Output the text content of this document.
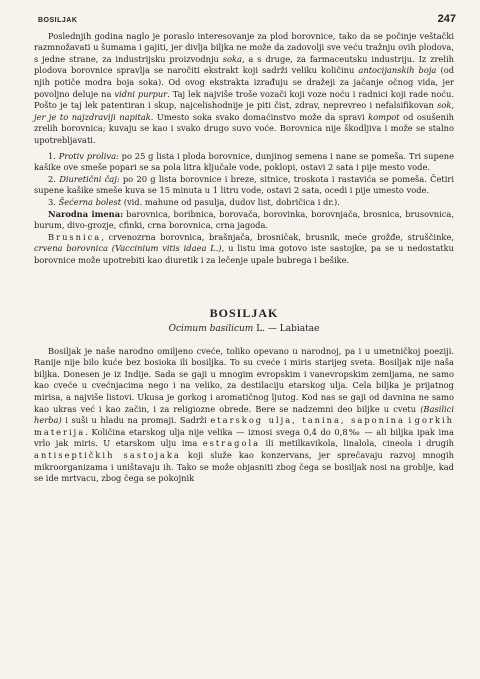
BOSILJAK	247

Poslednjih godina naglo je poraslo interesovanje za plod borovnice, tako da se počinje veštački razmnožavati u šumama i gajiti, jer divlja biljka ne može da zadovolji sve veću tražnju ovih plodova, s jedne strane, za industrijsku proizvodnju soka, a s druge, za farmaceutsku industriju. Iz zrelih plodova borovnice spravlja se naročiti ekstrakt koji sadrži veliku količinu antocijanskih boja (od njih potiče modra boja soka). Od ovog ekstrakta izrađuju se dražeji za jačanje očnog vida, jer povoljno deluje na vidni purpur. Taj lek najviše troše vozači koji voze noću i radnici koji rade noću. Pošto je taj lek patentiran i skup, najcelishodnije je piti čist, zdrav, neprevreo i nefalsifikovan sok, jer je to najzdraviji napitak. Umesto soka svako domaćinstvo može da spravi kompot od osušenih zrelih borovnica; kuvaju se kao i svako drugo suvo voće. Borovnica nije škodljiva i može se stalno upotrebljavati.

1. Protiv proliva: po 25 g lista i ploda borovnice, dunjinog semena i nane se pomeša. Tri supene kašike ove smeše popari se sa pola litra ključale vode, poklopi, ostavi 2 sata i pije mesto vode.

2. Diuretični čaj: po 20 g lista borovnice i breze, sitnice, troskota i rastavića se pomeša. Četiri supene kašike smeše kuva se 15 minuta u 1 litru vode, ostavi 2 sata, ocedi i pije umesto vode.

3. Šećerna bolest (vid. mahune od pasulja, dudov list, dobričica i dr.).

Narodna imena: barovnica, boribnica, borovača, borovinka, borovnjača, brosnica, brusovnica, burum, divo-grozje, cfinki, crna borovnica, crna jagoda.

Brusnica, crvenozrna borovnica, brašnjača, brosničak, brusnik, meće grožđe, struščinke, crvena borovnica (Vaccinium vitis idaea L.), u listu ima gotovo iste sastojke, pa se u nedostatku borovnice može upotrebiti kao diuretik i za lečenje upale bubrega i bešike.

BOSILJAK
Ocimum basilicum L. — Labiatae

Bosiljak je naše narodno omiljeno cveće, toliko opevano u narodnoj, pa i u umetničkoj poeziji. Ranije nije bilo kuće bez bosioka ili bosiljka. To su cveće i miris starijeg sveta. Bosiljak nije naša biljka. Donesen je iz Indije. Sada se gaji u mnogim evropskim i vanevropskim zemljama, ne samo kao cveće u cvećnjacima nego i na veliko, za destilaciju etarskog ulja. Cela biljka je prijatnog mirisa, a najviše listovi. Ukusa je gorkog i aromatičnog ljutog. Kod nas se gaji od davnina ne samo kao ukras već i kao začin, i za religiozne obrede. Bere se nadzemni deo biljke u cvetu (Basilici herba) i suši u hladu na promaji. Sadrži etarskog ulja, tanina, saponina i gorkih materija. Količina etarskog ulja nije velika — iznosi svega 0,4 do 0,8‰ — ali biljka ipak ima vrlo jak miris. U etarskom ulju ima estragola ili metilkavikola, linalola, cineola i drugih antiseptičkih sastojaka koji služe kao konzervans, jer sprečavaju razvoj mnogih mikroorganizama i uništavaju ih. Tako se može objasniti zbog čega se bosiljak nosi na groblje, kad se ide mrtvacu, zbog čega se pokojnik
